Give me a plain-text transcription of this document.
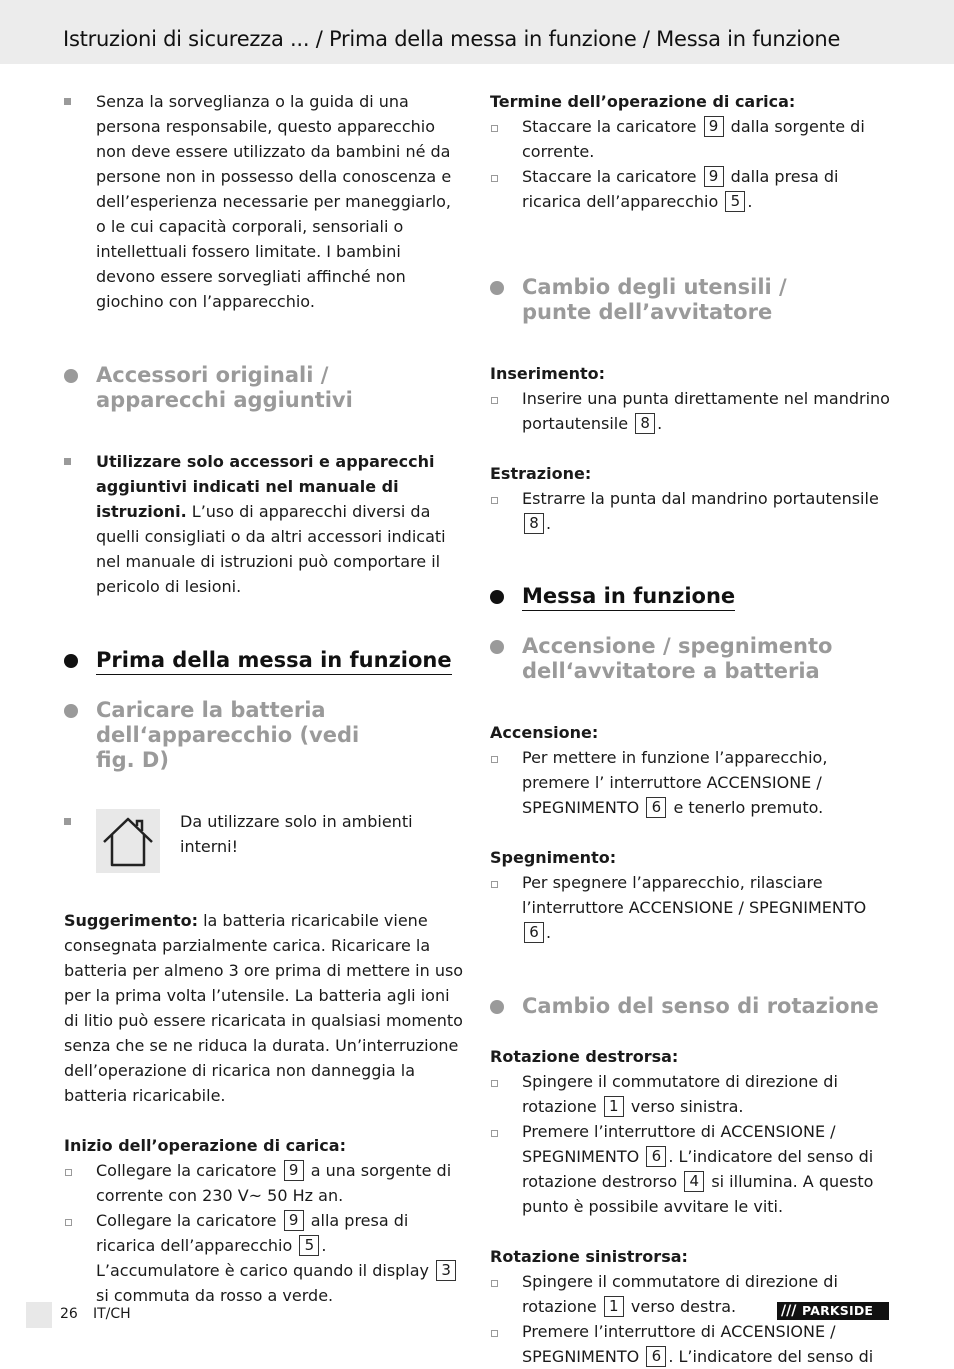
Istruzioni di sicurezza ... / Prima della messa in funzione / Messa in funzione
Senza la sorveglianza o la guida di una persona responsabile, questo apparecchio non deve essere utilizzato da bambini né da persone non in possesso della conoscenza e dell’esperienza necessarie per maneggiarlo, o le cui capacità corporali, sensoriali o intellettuali fossero limitate. I bambini devono essere sorvegliati affinché non giochino con l’apparecchio.
Accessori originali / apparecchi aggiuntivi
Utilizzare solo accessori e apparecchi aggiuntivi indicati nel manuale di istruzioni. L’uso di apparecchi diversi da quelli consigliati o da altri accessori indicati nel manuale di istruzioni può comportare il pericolo di lesioni.
Prima della messa in funzione
Caricare la batteria dell‘apparecchio (vedi fig. D)
Da utilizzare solo in ambienti interni!
Suggerimento: la batteria ricaricabile viene consegnata parzialmente carica. Ricaricare la batteria per almeno 3 ore prima di mettere in uso per la prima volta l’utensile. La batteria agli ioni di litio può essere ricaricata in qualsiasi momento senza che se ne riduca la durata. Un’interruzione dell’operazione di ricarica non danneggia la batteria ricaricabile.
Inizio dell’operazione di carica:
Collegare la caricatore 9 a una sorgente di corrente con 230 V~ 50 Hz an.
Collegare la caricatore 9 alla presa di ricarica dell’apparecchio 5 .
L’accumulatore è carico quando il display 3 si commuta da rosso a verde.
Termine dell’operazione di carica:
Staccare la caricatore 9 dalla sorgente di corrente.
Staccare la caricatore 9 dalla presa di ricarica dell’apparecchio 5 .
Cambio degli utensili / punte dell’avvitatore
Inserimento:
Inserire una punta direttamente nel mandrino portautensile 8 .
Estrazione:
Estrarre la punta dal mandrino portautensile 8 .
Messa in funzione
Accensione / spegnimento dell‘avvitatore a batteria
Accensione:
Per mettere in funzione l’apparecchio, premere l’ interruttore ACCENSIONE / SPEGNIMENTO 6 e tenerlo premuto.
Spegnimento:
Per spegnere l’apparecchio, rilasciare l’interruttore ACCENSIONE / SPEGNIMENTO 6 .
Cambio del senso di rotazione
Rotazione destrorsa:
Spingere il commutatore di direzione di rotazione 1 verso sinistra.
Premere l’interruttore di ACCENSIONE / SPEGNIMENTO 6 . L’indicatore del senso di rotazione destrorso 4 si illumina. A questo punto è possibile avvitare le viti.
Rotazione sinistrorsa:
Spingere il commutatore di direzione di rotazione 1 verso destra.
Premere l’interruttore di ACCENSIONE / SPEGNIMENTO 6 . L’indicatore del senso di
26 IT/CH	/// PARKSIDE
